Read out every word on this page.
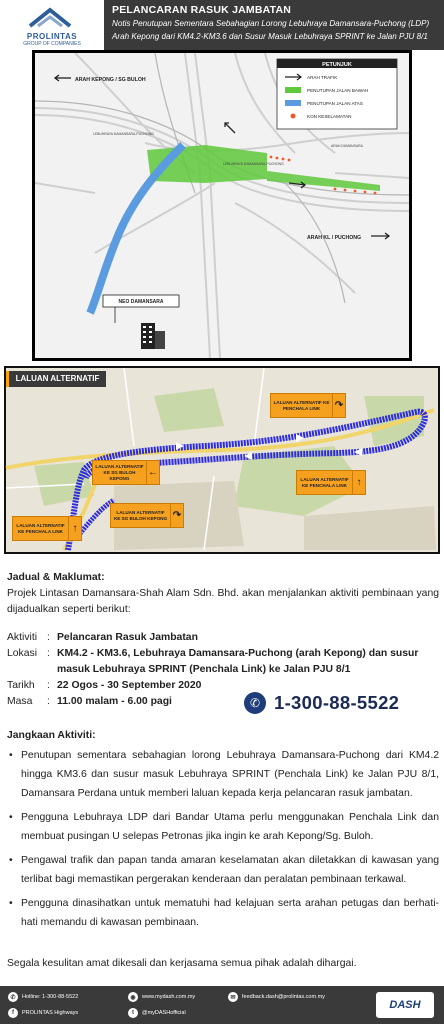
PROLINTAS
GROUP OF COMPANIES
PELANCARAN RASUK JAMBATAN
Notis Penutupan Sementara Sebahagian Lorong Lebuhraya Damansara-Puchong (LDP)
Arah Kepong dari KM4.2-KM3.6 dan Susur Masuk Lebuhraya SPRINT ke Jalan PJU 8/1
ARAH KEPONG / SG BULOH
ARAH KL / PUCHONG
LEBUHRAYA DAMANSARA-PUCHONG
LEBUHRAYA DAMANSARA-PUCHONG
ARAH DAMANSARA
PETUNJUK
ARAH TRAFIK
PENUTUPAN JALAN BAWAH
PENUTUPAN JALAN ATAS
KON KESELAMATAN
NEO DAMANSARA
LALUAN ALTERNATIF
LALUAN ALTERNATIF KE PENCHALA LINK	↷
LALUAN ALTERNATIF KE SG BULOH KEPONG	←
LALUAN ALTERNATIF KE PENCHALA LINK ↑
LALUAN ALTERNATIF KE PENCHALA LINK ↑
LALUAN ALTERNATIF KE SG BULOH KEPONG ↷
Jadual & Maklumat:
Projek Lintasan Damansara-Shah Alam Sdn. Bhd. akan menjalankan aktiviti pembinaan yang dijadualkan seperti berikut:
Aktiviti : Pelancaran Rasuk Jambatan
Lokasi : KM4.2 - KM3.6, Lebuhraya Damansara-Puchong (arah Kepong) dan susur masuk Lebuhraya SPRINT (Penchala Link) ke Jalan PJU 8/1
Tarikh	: 22 Ogos - 30 September 2020
Masa	: 11.00 malam - 6.00 pagi	✆ 1-300-88-5522
Jangkaan Aktiviti:
• Penutupan sementara sebahagian lorong Lebuhraya Damansara-Puchong dari KM4.2 hingga KM3.6 dan susur masuk Lebuhraya SPRINT (Penchala Link) ke Jalan PJU 8/1, Damansara Perdana untuk memberi laluan kepada kerja pelancaran rasuk jambatan.
• Pengguna Lebuhraya LDP dari Bandar Utama perlu menggunakan Penchala Link dan membuat pusingan U selepas Petronas jika ingin ke arah Kepong/Sg. Buloh.
• Pengawal trafik dan papan tanda amaran keselamatan akan diletakkan di kawasan yang terlibat bagi memastikan pergerakan kenderaan dan peralatan pembinaan terkawal.
• Pengguna dinasihatkan untuk mematuhi had kelajuan serta arahan petugas dan berhati-hati memandu di kawasan pembinaan.
Segala kesulitan amat dikesali dan kerjasama semua pihak adalah dihargai.
✆	Hotline: 1-300-88-5522	◉	www.mydash.com.my	✉	feedback.dash@prolintas.com.my
f	PROLINTAS Highways	t	@myDASHofficial
DASH
